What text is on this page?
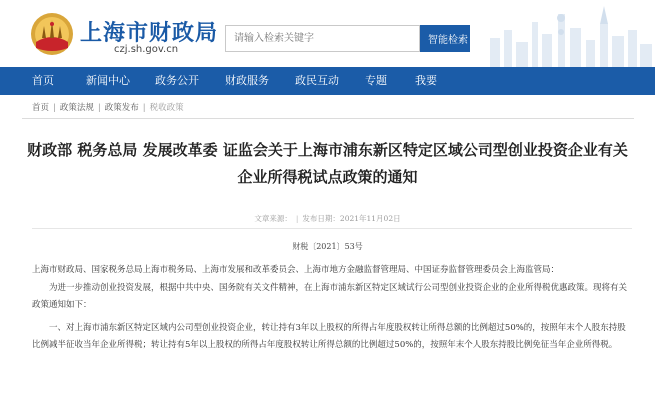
上海市财政局
czj.sh.gov.cn
请输入检索关键字
智能检索
首页	新闻中心 政务公开 财政服务 政民互动 专题	我要
首页 | 政策法规 | 政策发布 | 税收政策
财政部 税务总局 发展改革委 证监会关于上海市浦东新区特定区域公司型创业投资企业有关
企业所得税试点政策的通知
文章来源： | 发布日期：2021年11月02日
财税〔2021〕53号
上海市财政局、国家税务总局上海市税务局、上海市发展和改革委员会、上海市地方金融监督管理局、中国证券监督管理委员会上海监管局：
为进一步推动创业投资发展，根据中共中央、国务院有关文件精神，在上海市浦东新区特定区域试行公司型创业投资企业的企业所得税优惠政策。现将有关政策通知如下：
一、对上海市浦东新区特定区域内公司型创业投资企业，转让持有3年以上股权的所得占年度股权转让所得总额的比例超过50%的，按照年末个人股东持股比例减半征收当年企业所得税；转让持有5年以上股权的所得占年度股权转让所得总额的比例超过50%的，按照年末个人股东持股比例免征当年企业所得税。
